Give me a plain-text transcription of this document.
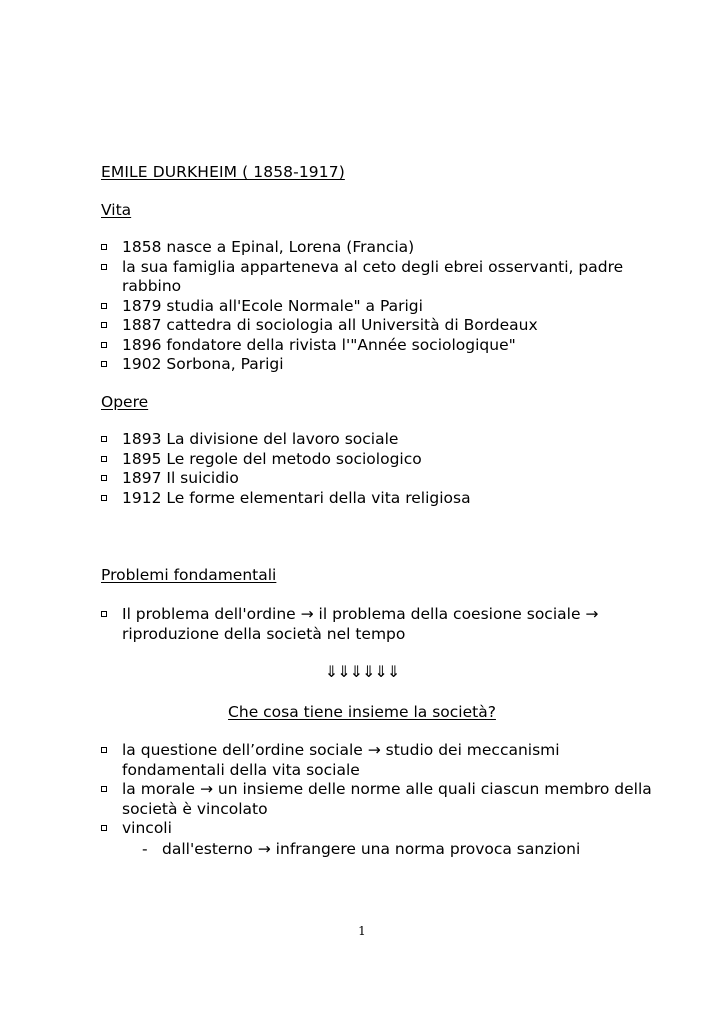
EMILE DURKHEIM ( 1858-1917)
Vita
1858 nasce a Epinal, Lorena (Francia)
la sua famiglia apparteneva al ceto degli ebrei osservanti, padre rabbino
1879 studia all'Ecole Normale" a Parigi
1887 cattedra di sociologia all Università di Bordeaux
1896 fondatore della rivista l'"Année sociologique"
1902 Sorbona, Parigi
Opere
1893 La divisione del lavoro sociale
1895 Le regole del metodo sociologico
1897 Il suicidio
1912 Le forme elementari della vita religiosa
Problemi fondamentali
Il problema dell'ordine → il problema della coesione sociale → riproduzione della società nel tempo
⇓⇓⇓⇓⇓⇓
Che cosa tiene insieme la società?
la questione dell’ordine sociale → studio dei meccanismi fondamentali della vita sociale
la morale → un insieme delle norme alle quali ciascun membro della società è vincolato
vincoli
- dall'esterno → infrangere una norma provoca sanzioni
1
